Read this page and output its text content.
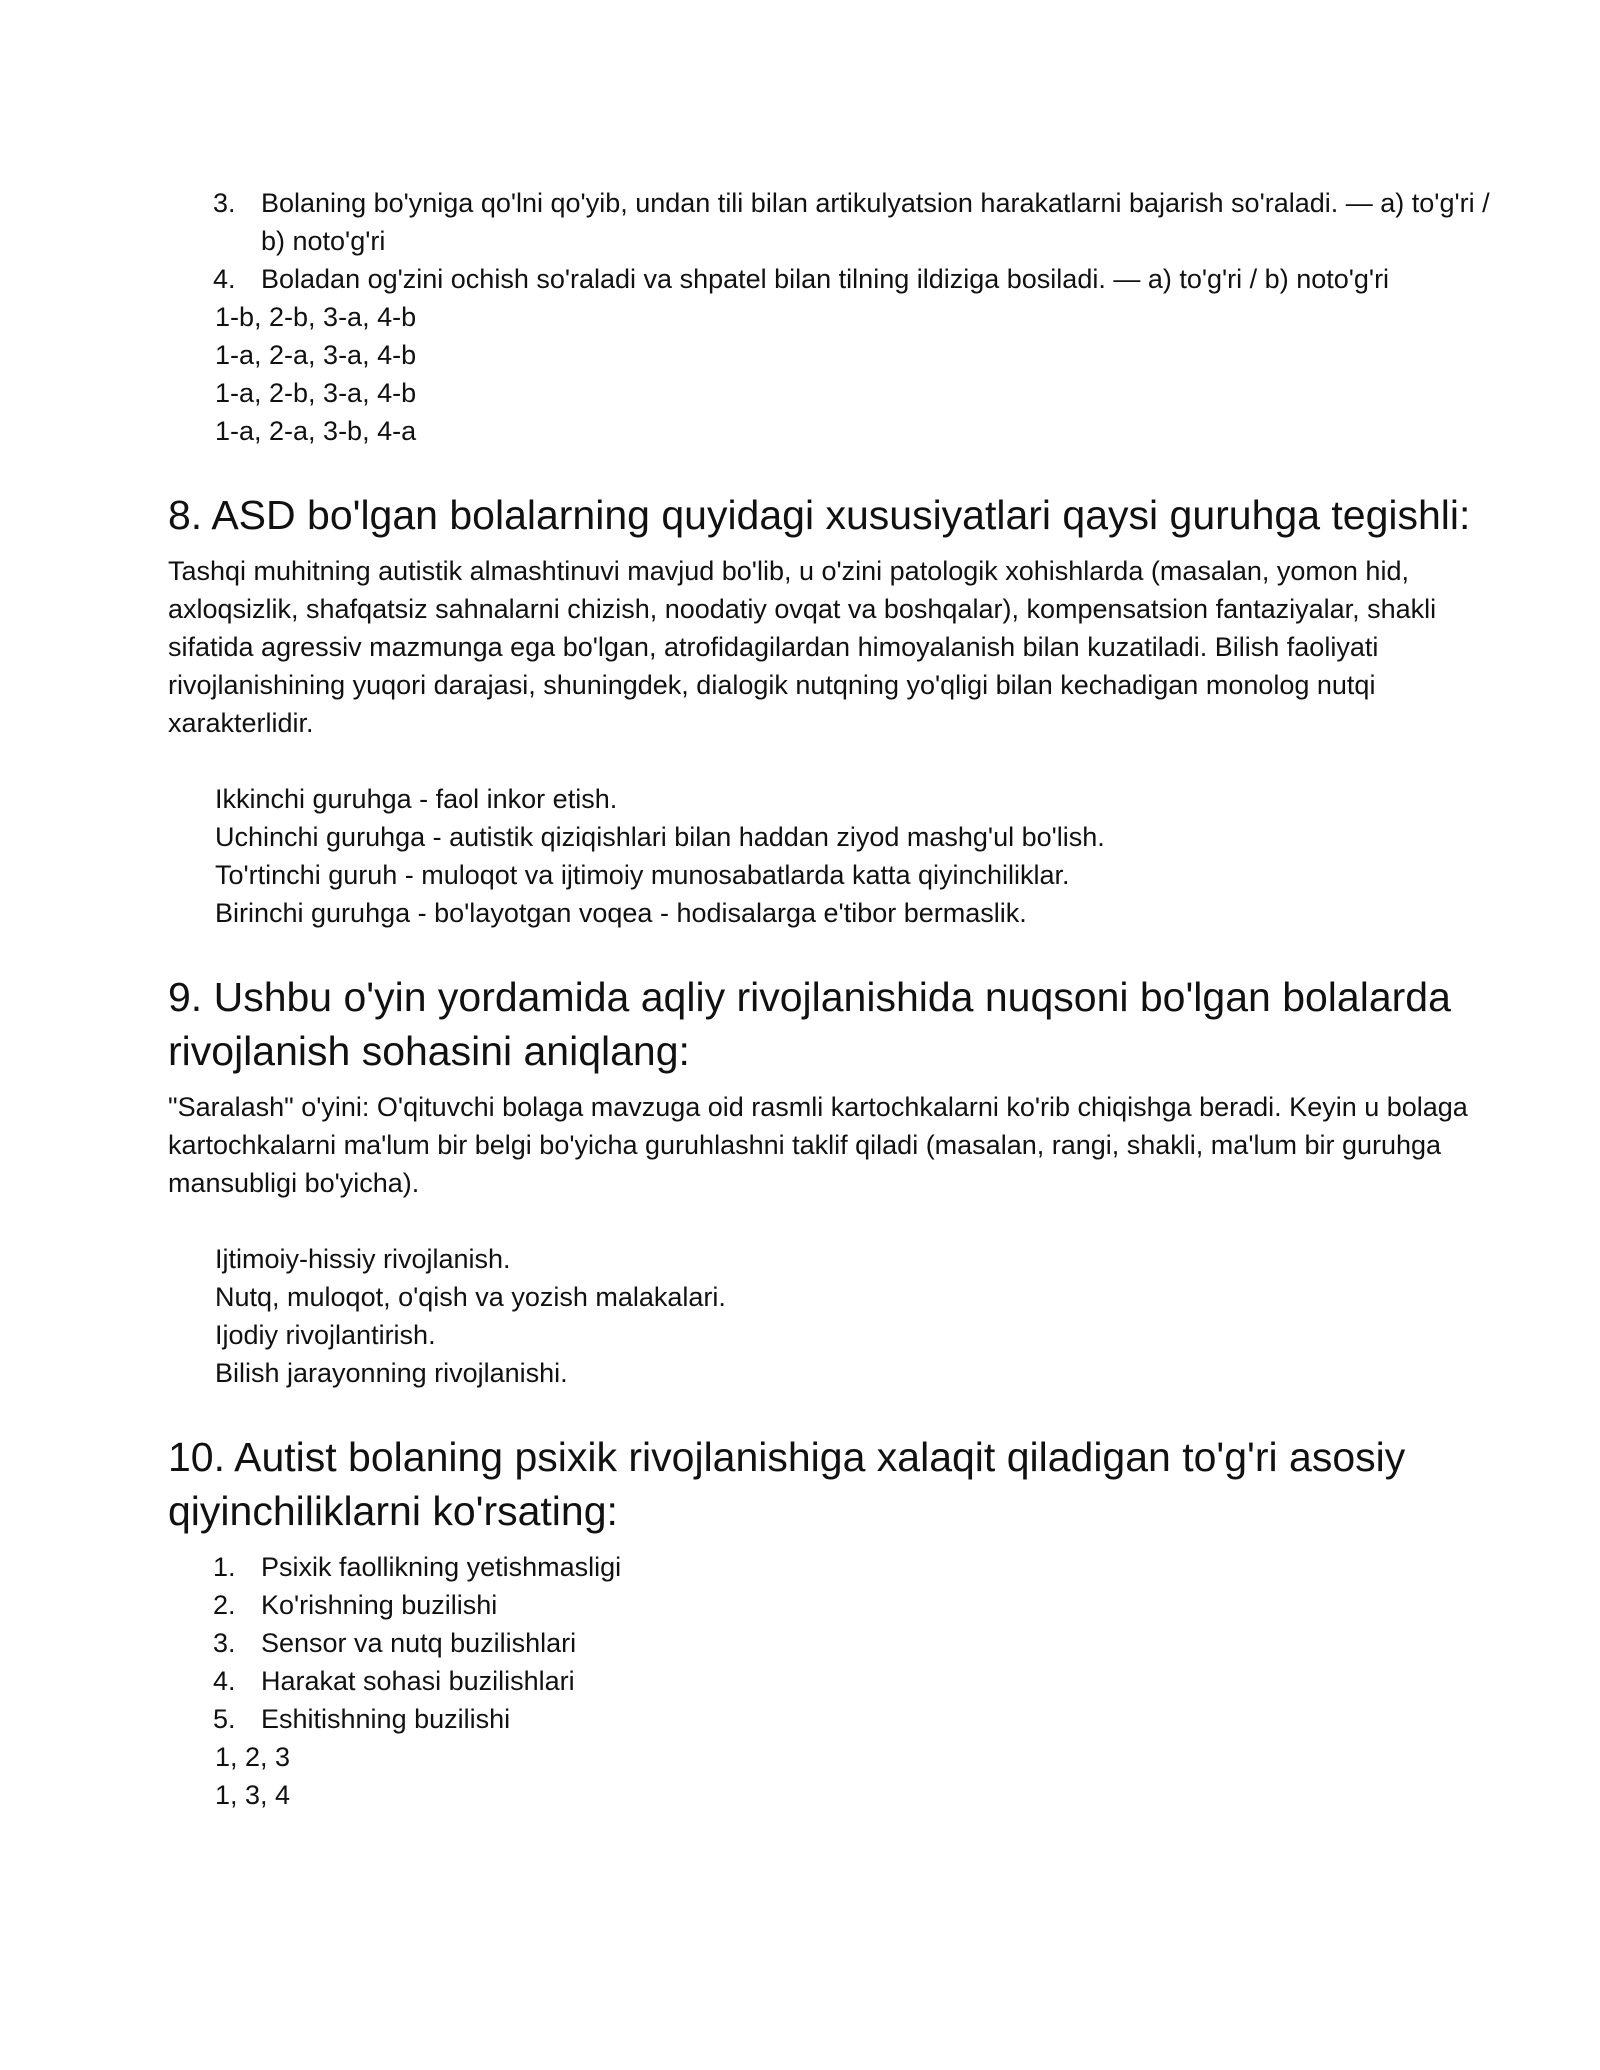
3. Bolaning bo'yniga qo'lni qo'yib, undan tili bilan artikulyatsion harakatlarni bajarish so'raladi. — a) to'g'ri / b) noto'g'ri
4. Boladan og'zini ochish so'raladi va shpatel bilan tilning ildiziga bosiladi. — a) to'g'ri / b) noto'g'ri
1-b, 2-b, 3-a, 4-b
1-a, 2-a, 3-a, 4-b
1-a, 2-b, 3-a, 4-b
1-a, 2-a, 3-b, 4-a
8. ASD bo'lgan bolalarning quyidagi xususiyatlari qaysi guruhga tegishli:

Tashqi muhitning autistik almashtinuvi mavjud bo'lib, u o'zini patologik xohishlarda (masalan, yomon hid, axloqsizlik, shafqatsiz sahnalarni chizish, noodatiy ovqat va boshqalar), kompensatsion fantaziyalar, shakli sifatida agressiv mazmunga ega bo'lgan, atrofidagilardan himoyalanish bilan kuzatiladi. Bilish faoliyati rivojlanishining yuqori darajasi, shuningdek, dialogik nutqning yo'qligi bilan kechadigan monolog nutqi xarakterlidir.

Ikkinchi guruhga - faol inkor etish.
Uchinchi guruhga - autistik qiziqishlari bilan haddan ziyod mashg'ul bo'lish.
To'rtinchi guruh - muloqot va ijtimoiy munosabatlarda katta qiyinchiliklar.
Birinchi guruhga - bo'layotgan voqea - hodisalarga e'tibor bermaslik.
9. Ushbu o'yin yordamida aqliy rivojlanishida nuqsoni bo'lgan bolalarda rivojlanish sohasini aniqlang:

"Saralash" o'yini: O'qituvchi bolaga mavzuga oid rasmli kartochkalarni ko'rib chiqishga beradi. Keyin u bolaga kartochkalarni ma'lum bir belgi bo'yicha guruhlashni taklif qiladi (masalan, rangi, shakli, ma'lum bir guruhga mansubligi bo'yicha).

Ijtimoiy-hissiy rivojlanish.
Nutq, muloqot, o'qish va yozish malakalari.
Ijodiy rivojlantirish.
Bilish jarayonning rivojlanishi.
10. Autist bolaning psixik rivojlanishiga xalaqit qiladigan to'g'ri asosiy qiyinchiliklarni ko'rsating:
1. Psixik faollikning yetishmasligi
2. Ko'rishning buzilishi
3. Sensor va nutq buzilishlari
4. Harakat sohasi buzilishlari
5. Eshitishning buzilishi
1, 2, 3
1, 3, 4
